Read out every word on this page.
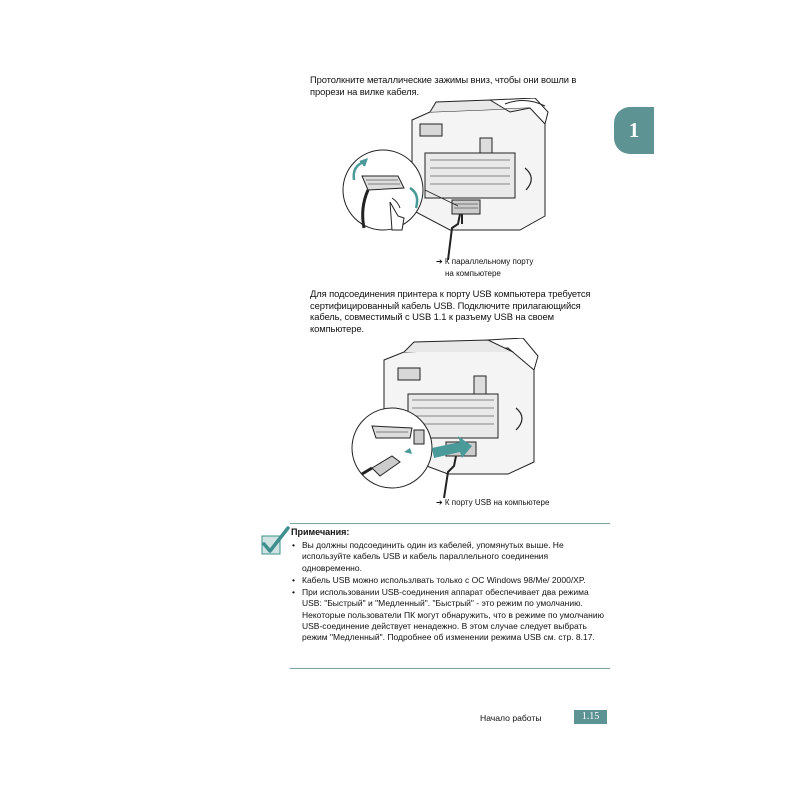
1
Протолкните металлические зажимы вниз, чтобы они вошли в
прорези на вилке кабеля.
➔ К параллельному порту
на компьютере
Для подсоединения принтера к порту USB компьютера требуется
сертифицированный кабель USB. Подключите прилагающийся
кабель, совместимый с USB 1.1 к разъему USB на своем
компьютере.
➔ К порту USB на компьютере
Примечания:
• Вы должны подсоединить один из кабелей, упомянутых выше. Не используйте кабель USB и кабель параллельного соединения одновременно.
• Кабель USB можно использлвать только с ОС Windows 98/Me/ 2000/XP.
• При использовании USB-соединения аппарат обеспечивает два режима USB: "Быстрый" и "Медленный". "Быстрый" - это режим по умолчанию. Некоторые пользователи ПК могут обнаружить, что в режиме по умолчанию USB-соединение действует ненадежно. В этом случае следует выбрать режим "Медленный". Подробнее об изменении режима USB см. стр. 8.17.
Начало работы	1.15
